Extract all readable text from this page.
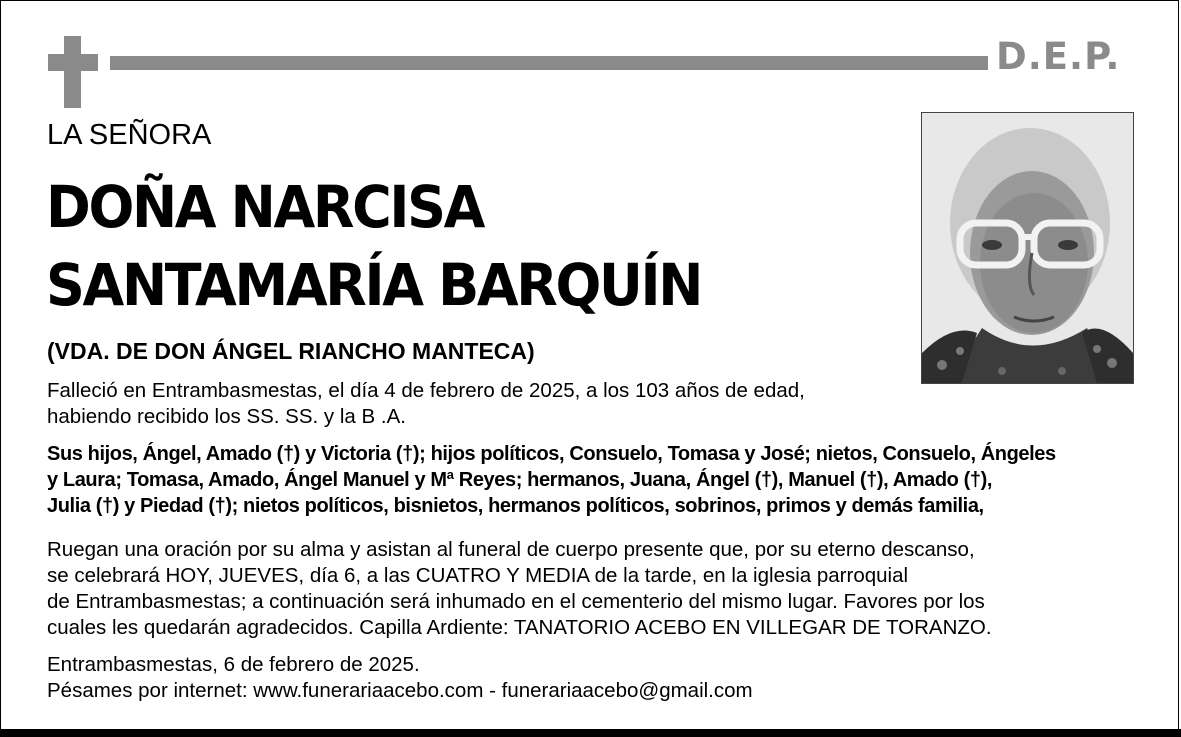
D.E.P.
LA SEÑORA
DOÑA NARCISA
SANTAMARÍA BARQUÍN
(VDA. DE DON ÁNGEL RIANCHO MANTECA)
Falleció en Entrambasmestas, el día 4 de febrero de 2025, a los 103 años de edad,
habiendo recibido los SS. SS. y la B .A.
Sus hijos, Ángel, Amado (†) y Victoria (†); hijos políticos, Consuelo, Tomasa y José; nietos, Consuelo, Ángeles
y Laura; Tomasa, Amado, Ángel Manuel y Mª Reyes; hermanos, Juana, Ángel (†), Manuel (†), Amado (†),
Julia (†) y Piedad (†); nietos políticos, bisnietos, hermanos políticos, sobrinos, primos y demás familia,
Ruegan una oración por su alma y asistan al funeral de cuerpo presente que, por su eterno descanso,
se celebrará HOY, JUEVES, día 6, a las CUATRO Y MEDIA de la tarde, en la iglesia parroquial
de Entrambasmestas; a continuación será inhumado en el cementerio del mismo lugar. Favores por los
cuales les quedarán agradecidos. Capilla Ardiente: TANATORIO ACEBO EN VILLEGAR DE TORANZO.
Entrambasmestas, 6 de febrero de 2025.
Pésames por internet: www.funerariaacebo.com - funerariaacebo@gmail.com
